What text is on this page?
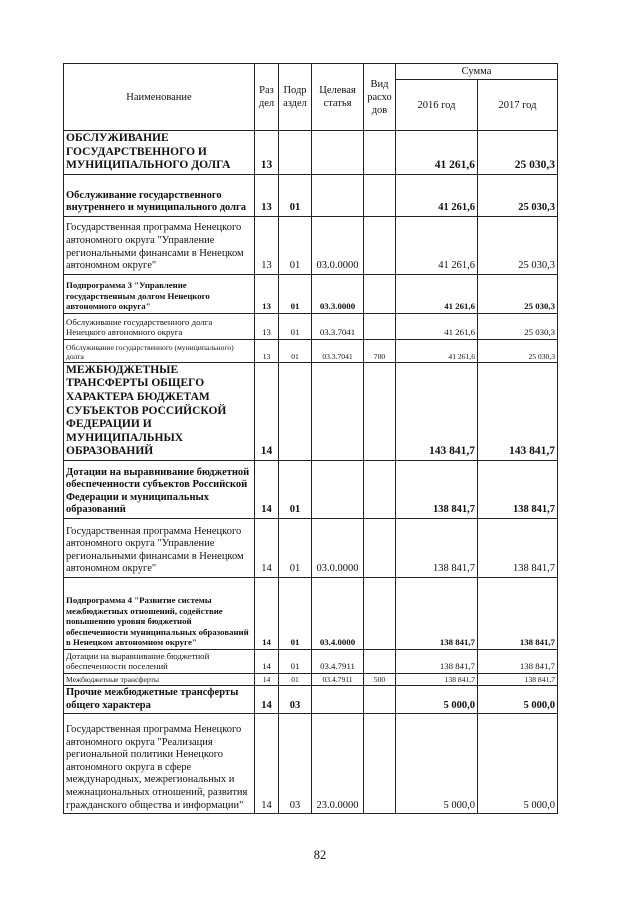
Наименование	Раз дел	Подр аздел	Целевая статья	Вид расхо дов	Сумма	
					2016 год	2017 год
ОБСЛУЖИВАНИЕ ГОСУДАРСТВЕННОГО И МУНИЦИПАЛЬНОГО ДОЛГА	13				41 261,6	25 030,3
Обслуживание государственного внутреннего и муниципального долга	13	01			41 261,6	25 030,3
Государственная программа Ненецкого автономного округа "Управление региональными финансами в Ненецком автономном округе"	13	01	03.0.0000		41 261,6	25 030,3
Подпрограмма 3 "Управление государственным долгом Ненецкого автономного округа"	13	01	03.3.0000		41 261,6	25 030,3
Обслуживание государственного долга Ненецкого автономного округа	13	01	03.3.7041		41 261,6	25 030,3
Обслуживание государственного (муниципального) долга	13	01	03.3.7041	700	41 261,6	25 030,3
МЕЖБЮДЖЕТНЫЕ ТРАНСФЕРТЫ ОБЩЕГО ХАРАКТЕРА БЮДЖЕТАМ СУБЪЕКТОВ РОССИЙСКОЙ ФЕДЕРАЦИИ И МУНИЦИПАЛЬНЫХ ОБРАЗОВАНИЙ	14				143 841,7	143 841,7
Дотации на выравнивание бюджетной обеспеченности субъектов Российской Федерации и муниципальных образований	14	01			138 841,7	138 841,7
Государственная программа Ненецкого автономного округа "Управление региональными финансами в Ненецком автономном округе"	14	01	03.0.0000		138 841,7	138 841,7
Подпрограмма 4 "Развитие системы межбюджетных отношений, содействие повышению уровня бюджетной обеспеченности муниципальных образований в Ненецком автономном округе"	14	01	03.4.0000		138 841,7	138 841,7
Дотации на выравнивание бюджетной обеспеченности поселений	14	01	03.4.7911		138 841,7	138 841,7
Межбюджетные трансферты	14	01	03.4.7911	500	138 841,7	138 841,7
Прочие межбюджетные трансферты общего характера	14	03			5 000,0	5 000,0
Государственная программа Ненецкого автономного округа "Реализация региональной политики Ненецкого автономного округа в сфере международных, межрегиональных и межнациональных отношений, развития гражданского общества и информации"	14	03	23.0.0000		5 000,0	5 000,0
82
